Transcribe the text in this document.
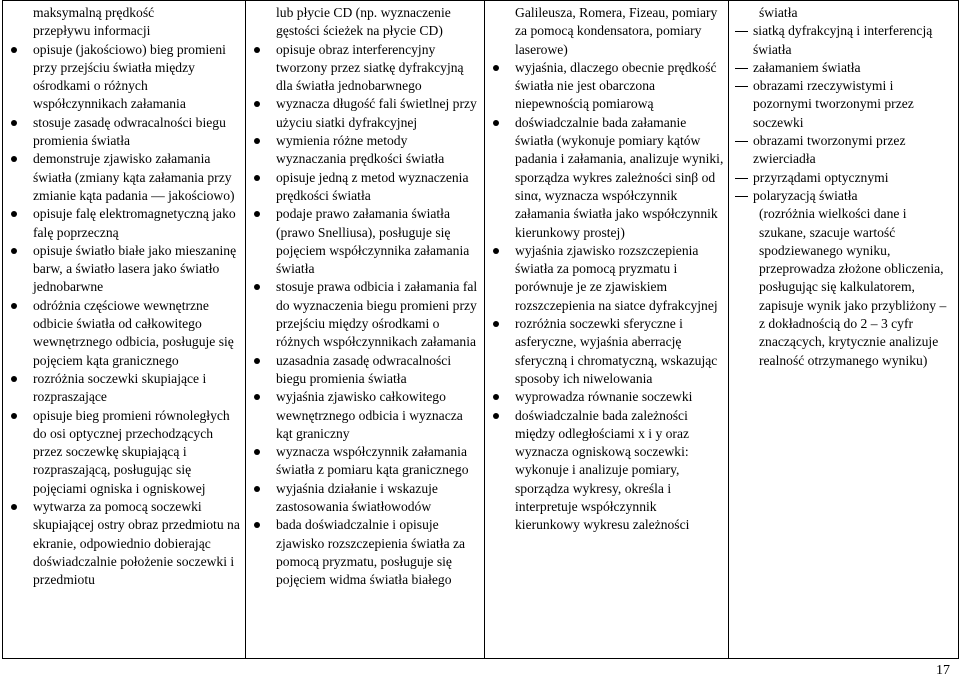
maksymalną prędkość
przepływu informacji
opisuje (jakościowo) bieg promieni przy przejściu światła między ośrodkami o różnych współczynnikach załamania
stosuje zasadę odwracalności biegu promienia światła
demonstruje zjawisko załamania światła (zmiany kąta załamania przy zmianie kąta padania — jakościowo)
opisuje falę elektromagnetyczną jako falę poprzeczną
opisuje światło białe jako mieszaninę barw, a światło lasera jako światło jednobarwne
odróżnia częściowe wewnętrzne odbicie światła od całkowitego wewnętrznego odbicia, posługuje się pojęciem kąta granicznego
rozróżnia soczewki skupiające i rozpraszające
opisuje bieg promieni równoległych do osi optycznej przechodzących przez soczewkę skupiającą i rozpraszającą, posługując się pojęciami ogniska i ogniskowej
wytwarza za pomocą soczewki skupiającej ostry obraz przedmiotu na ekranie, odpowiednio dobierając doświadczalnie położenie soczewki i przedmiotu

lub płycie CD (np. wyznaczenie gęstości ścieżek na płycie CD)
opisuje obraz interferencyjny tworzony przez siatkę dyfrakcyjną dla światła jednobarwnego
wyznacza długość fali świetlnej przy użyciu siatki dyfrakcyjnej
wymienia różne metody wyznaczania prędkości światła
opisuje jedną z metod wyznaczenia prędkości światła
podaje prawo załamania światła (prawo Snelliusa), posługuje się pojęciem współczynnika załamania światła
stosuje prawa odbicia i załamania fal do wyznaczenia biegu promieni przy przejściu między ośrodkami o różnych współczynnikach załamania
uzasadnia zasadę odwracalności biegu promienia światła
wyjaśnia zjawisko całkowitego wewnętrznego odbicia i wyznacza kąt graniczny
wyznacza współczynnik załamania światła z pomiaru kąta granicznego
wyjaśnia działanie i wskazuje zastosowania światłowodów
bada doświadczalnie i opisuje zjawisko rozszczepienia światła za pomocą pryzmatu, posługuje się pojęciem widma światła białego

Galileusza, Romera, Fizeau, pomiary za pomocą kondensatora, pomiary laserowe)
wyjaśnia, dlaczego obecnie prędkość światła nie jest obarczona niepewnością pomiarową
doświadczalnie bada załamanie światła (wykonuje pomiary kątów padania i załamania, analizuje wyniki, sporządza wykres zależności sinβ od sinα, wyznacza współczynnik załamania światła jako współczynnik kierunkowy prostej)
wyjaśnia zjawisko rozszczepienia światła za pomocą pryzmatu i porównuje je ze zjawiskiem rozszczepienia na siatce dyfrakcyjnej
rozróżnia soczewki sferyczne i asferyczne, wyjaśnia aberrację sferyczną i chromatyczną, wskazując sposoby ich niwelowania
wyprowadza równanie soczewki
doświadczalnie bada zależności między odległościami x i y oraz wyznacza ogniskową soczewki: wykonuje i analizuje pomiary, sporządza wykresy, określa i interpretuje współczynnik kierunkowy wykresu zależności

światła
siatką dyfrakcyjną i interferencją światła
załamaniem światła
obrazami rzeczywistymi i pozornymi tworzonymi przez soczewki
obrazami tworzonymi przez zwierciadła
przyrządami optycznymi
polaryzacją światła
(rozróżnia wielkości dane i szukane, szacuje wartość spodziewanego wyniku, przeprowadza złożone obliczenia, posługując się kalkulatorem, zapisuje wynik jako przybliżony – z dokładnością do 2 – 3 cyfr znaczących, krytycznie analizuje realność otrzymanego wyniku)
17
